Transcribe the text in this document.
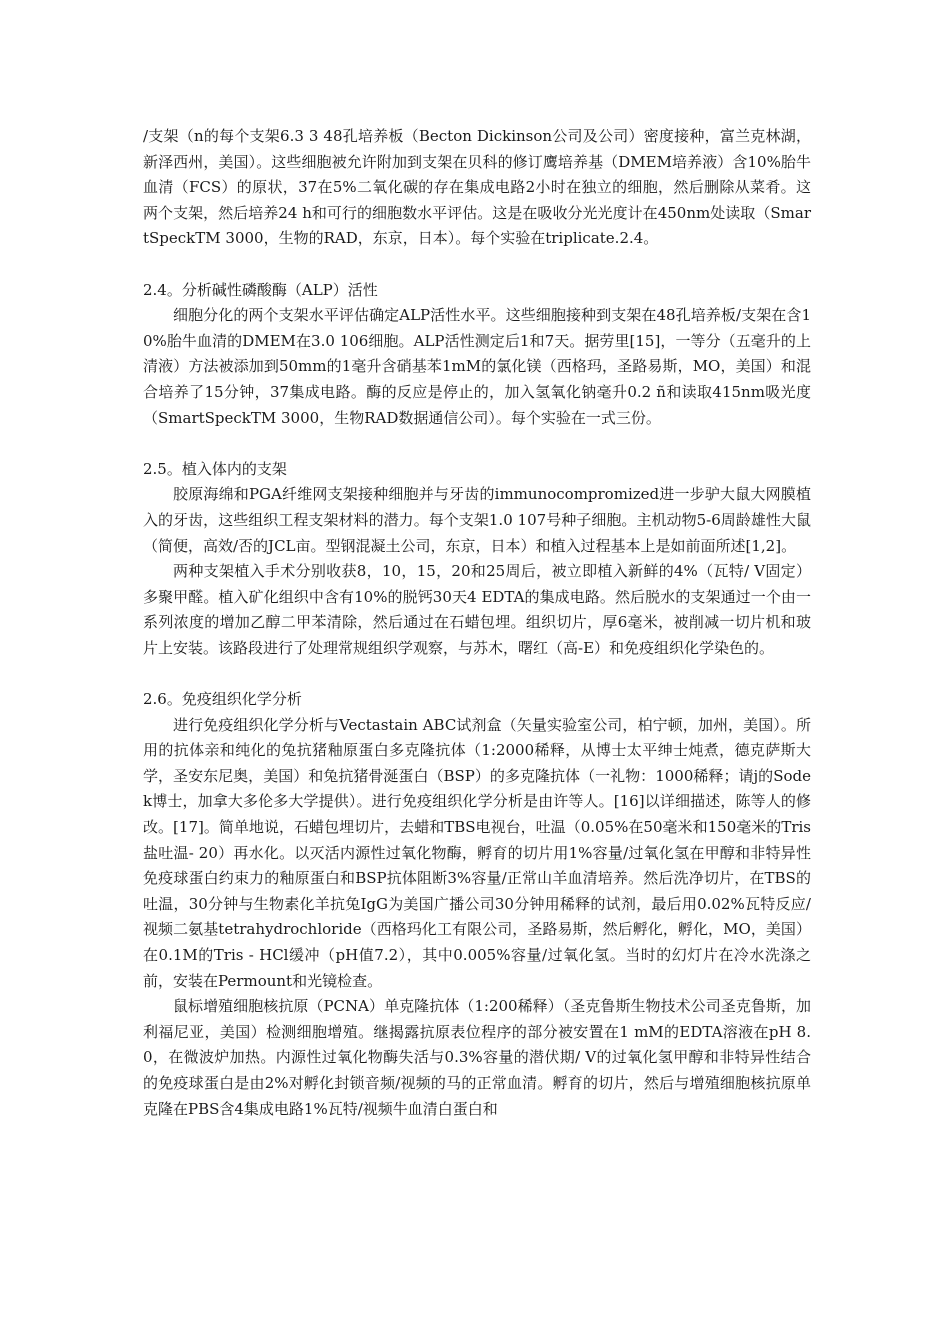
/支架（n的每个支架6.3 3 48孔培养板（Becton Dickinson公司及公司）密度接种，富兰克林湖，新泽西州，美国）。这些细胞被允许附加到支架在贝科的修订鹰培养基（DMEM培养液）含10%胎牛血清（FCS）的原状，37在5%二氧化碳的存在集成电路2小时在独立的细胞，然后删除从菜肴。这两个支架，然后培养24 h和可行的细胞数水平评估。这是在吸收分光光度计在450nm处读取（SmartSpeckTM 3000，生物的RAD，东京，日本）。每个实验在triplicate.2.4。

2.4。分析碱性磷酸酶（ALP）活性

细胞分化的两个支架水平评估确定ALP活性水平。这些细胞接种到支架在48孔培养板/支架在含10%胎牛血清的DMEM在3.0 106细胞。ALP活性测定后1和7天。据劳里[15]，一等分（五毫升的上清液）方法被添加到50mm的1毫升含硝基苯1mM的氯化镁（西格玛，圣路易斯，MO，美国）和混合培养了15分钟，37集成电路。酶的反应是停止的，加入氢氧化钠毫升0.2 ñ和读取415nm吸光度（SmartSpeckTM 3000，生物RAD数据通信公司）。每个实验在一式三份。

2.5。植入体内的支架

胶原海绵和PGA纤维网支架接种细胞并与牙齿的immunocompromized进一步驴大鼠大网膜植入的牙齿，这些组织工程支架材料的潜力。每个支架1.0 107号种子细胞。主机动物5-6周龄雄性大鼠（简便，高效/否的JCL亩。型钢混凝土公司，东京，日本）和植入过程基本上是如前面所述[1,2]。

两种支架植入手术分别收获8，10，15，20和25周后，被立即植入新鲜的4%（瓦特/ V固定）多聚甲醛。植入矿化组织中含有10%的脱钙30天4 EDTA的集成电路。然后脱水的支架通过一个由一系列浓度的增加乙醇二甲苯清除，然后通过在石蜡包埋。组织切片，厚6毫米，被削减一切片机和玻片上安装。该路段进行了处理常规组织学观察，与苏木，曙红（高-E）和免疫组织化学染色的。

2.6。免疫组织化学分析

进行免疫组织化学分析与Vectastain ABC试剂盒（矢量实验室公司，柏宁顿，加州，美国）。所用的抗体亲和纯化的兔抗猪釉原蛋白多克隆抗体（1:2000稀释，从博士太平绅士炖煮，德克萨斯大学，圣安东尼奥，美国）和兔抗猪骨涎蛋白（BSP）的多克隆抗体（一礼物：1000稀释；请j的Sodek博士，加拿大多伦多大学提供）。进行免疫组织化学分析是由许等人。[16]以详细描述，陈等人的修改。[17]。简单地说，石蜡包埋切片，去蜡和TBS电视台，吐温（0.05%在50毫米和150毫米的Tris盐吐温- 20）再水化。以灭活内源性过氧化物酶，孵育的切片用1%容量/过氧化氢在甲醇和非特异性免疫球蛋白约束力的釉原蛋白和BSP抗体阻断3%容量/正常山羊血清培养。然后洗净切片，在TBS的吐温，30分钟与生物素化羊抗兔IgG为美国广播公司30分钟用稀释的试剂，最后用0.02%瓦特反应/视频二氨基tetrahydrochloride（西格玛化工有限公司，圣路易斯，然后孵化，孵化，MO，美国）在0.1M的Tris - HCl缓冲（pH值7.2），其中0.005%容量/过氧化氢。当时的幻灯片在冷水洗涤之前，安装在Permount和光镜检查。

鼠标增殖细胞核抗原（PCNA）单克隆抗体（1:200稀释）（圣克鲁斯生物技术公司圣克鲁斯，加利福尼亚，美国）检测细胞增殖。继揭露抗原表位程序的部分被安置在1 mM的EDTA溶液在pH 8.0，在微波炉加热。内源性过氧化物酶失活与0.3%容量的潜伏期/ V的过氧化氢甲醇和非特异性结合的免疫球蛋白是由2%对孵化封锁音频/视频的马的正常血清。孵育的切片，然后与增殖细胞核抗原单克隆在PBS含4集成电路1%瓦特/视频牛血清白蛋白和
